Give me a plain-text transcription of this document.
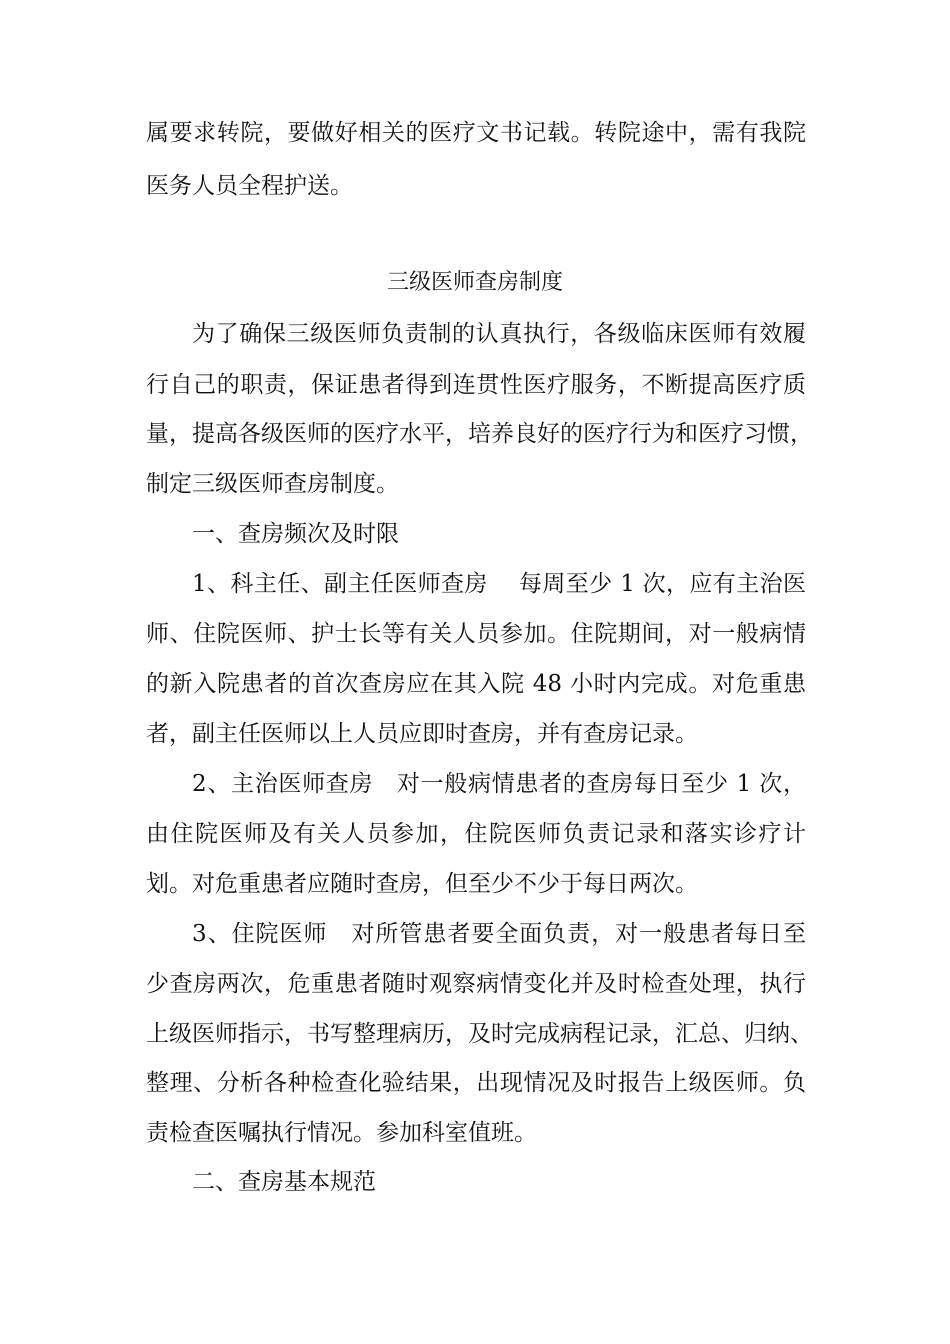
属要求转院，要做好相关的医疗文书记载。转院途中，需有我院
医务人员全程护送。
三级医师查房制度
为了确保三级医师负责制的认真执行，各级临床医师有效履
行自己的职责，保证患者得到连贯性医疗服务，不断提高医疗质
量，提高各级医师的医疗水平，培养良好的医疗行为和医疗习惯，
制定三级医师查房制度。
一、查房频次及时限
1、科主任、副主任医师查房　 每周至少 1 次，应有主治医
师、住院医师、护士长等有关人员参加。住院期间，对一般病情
的新入院患者的首次查房应在其入院 48 小时内完成。对危重患
者，副主任医师以上人员应即时查房，并有查房记录。
2、主治医师查房　对一般病情患者的查房每日至少 1 次，
由住院医师及有关人员参加，住院医师负责记录和落实诊疗计
划。对危重患者应随时查房，但至少不少于每日两次。
3、住院医师　对所管患者要全面负责，对一般患者每日至
少查房两次，危重患者随时观察病情变化并及时检查处理，执行
上级医师指示，书写整理病历，及时完成病程记录，汇总、归纳、
整理、分析各种检查化验结果，出现情况及时报告上级医师。负
责检查医嘱执行情况。参加科室值班。
二、查房基本规范
